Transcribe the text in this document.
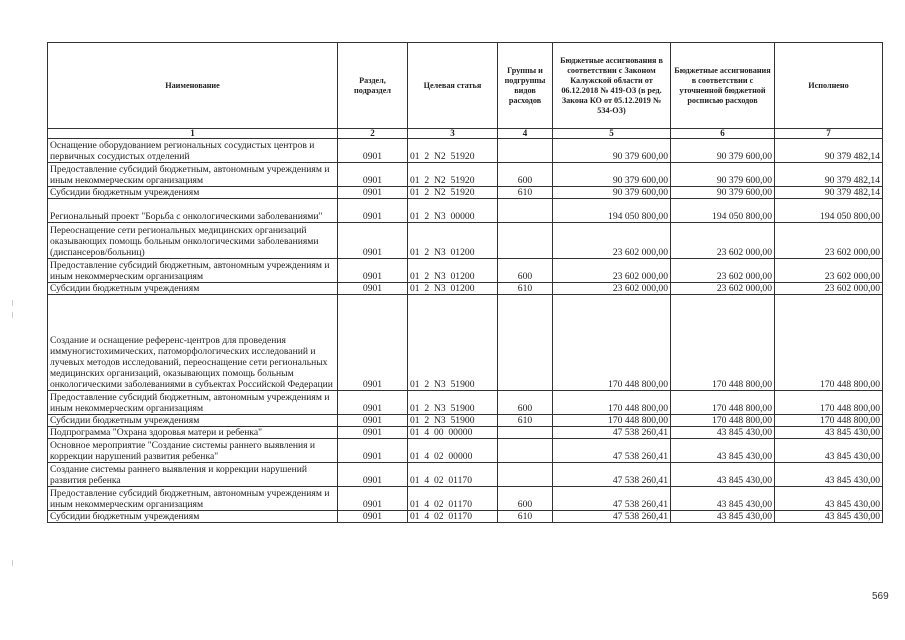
Наименование	Раздел, подраздел	Целевая статья	Группы и подгруппы видов расходов	Бюджетные ассигнования в соответствии с Законом Калужской области от 06.12.2018 № 419-ОЗ (в ред. Закона КО от 05.12.2019 № 534-ОЗ)	Бюджетные ассигнования в соответствии с уточненной бюджетной росписью расходов	Исполнено
1	2	3	4	5	6	7
Оснащение оборудованием региональных сосудистых центров и первичных сосудистых отделений	0901	01  2  N2  51920		90 379 600,00	90 379 600,00	90 379 482,14
Предоставление субсидий бюджетным, автономным учреждениям и иным некоммерческим организациям	0901	01  2  N2  51920	600	90 379 600,00	90 379 600,00	90 379 482,14
Субсидии бюджетным учреждениям	0901	01  2  N2  51920	610	90 379 600,00	90 379 600,00	90 379 482,14
Региональный проект "Борьба с онкологическими заболеваниями"	0901	01  2  N3  00000		194 050 800,00	194 050 800,00	194 050 800,00
Переоснащение сети региональных медицинских организаций оказывающих помощь больным онкологическими заболеваниями (диспансеров/больниц)	0901	01  2  N3  01200		23 602 000,00	23 602 000,00	23 602 000,00
Предоставление субсидий бюджетным, автономным учреждениям и иным некоммерческим организациям	0901	01  2  N3  01200	600	23 602 000,00	23 602 000,00	23 602 000,00
Субсидии бюджетным учреждениям	0901	01  2  N3  01200	610	23 602 000,00	23 602 000,00	23 602 000,00
Создание и оснащение референс-центров для проведения иммуногистохимических, патоморфологических исследований и лучевых методов исследований, переоснащение сети региональных медицинских организаций, оказывающих помощь больным онкологическими заболеваниями в субъектах Российской Федерации	0901	01  2  N3  51900		170 448 800,00	170 448 800,00	170 448 800,00
Предоставление субсидий бюджетным, автономным учреждениям и иным некоммерческим организациям	0901	01  2  N3  51900	600	170 448 800,00	170 448 800,00	170 448 800,00
Субсидии бюджетным учреждениям	0901	01  2  N3  51900	610	170 448 800,00	170 448 800,00	170 448 800,00
Подпрограмма "Охрана здоровья матери и ребенка"	0901	01  4  00  00000		47 538 260,41	43 845 430,00	43 845 430,00
Основное мероприятие "Создание системы раннего выявления и коррекции нарушений развития ребенка"	0901	01  4  02  00000		47 538 260,41	43 845 430,00	43 845 430,00
Создание системы раннего выявления и коррекции нарушений развития ребенка	0901	01  4  02  01170		47 538 260,41	43 845 430,00	43 845 430,00
Предоставление субсидий бюджетным, автономным учреждениям и иным некоммерческим организациям	0901	01  4  02  01170	600	47 538 260,41	43 845 430,00	43 845 430,00
Субсидии бюджетным учреждениям	0901	01  4  02  01170	610	47 538 260,41	43 845 430,00	43 845 430,00
569
